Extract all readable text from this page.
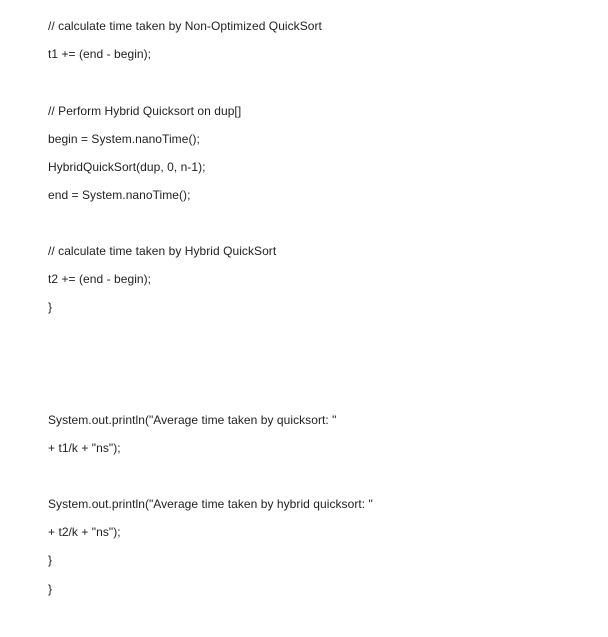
// calculate time taken by Non-Optimized QuickSort
t1 += (end - begin);
// Perform Hybrid Quicksort on dup[]
begin = System.nanoTime();
HybridQuickSort(dup, 0, n-1);
end = System.nanoTime();
// calculate time taken by Hybrid QuickSort
t2 += (end - begin);
}
System.out.println("Average time taken by quicksort: "
+ t1/k + "ns");
System.out.println("Average time taken by hybrid quicksort: "
+ t2/k + "ns");
}
}
